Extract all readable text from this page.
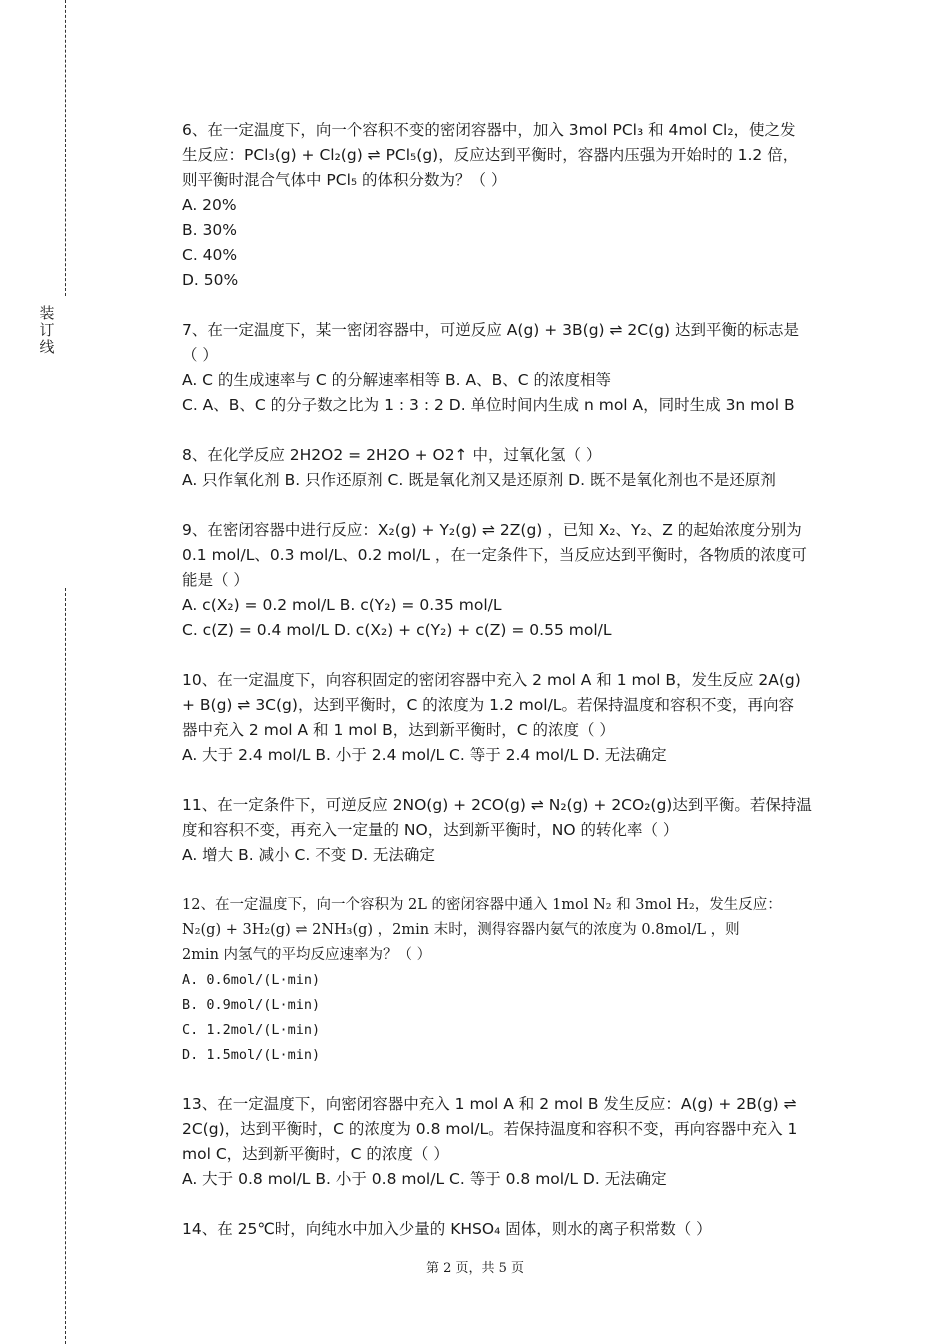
装
订
线
6、在一定温度下，向一个容积不变的密闭容器中，加入 3mol PCl₃ 和 4mol Cl₂，使之发
生反应：PCl₃(g) + Cl₂(g) ⇌ PCl₅(g)，反应达到平衡时，容器内压强为开始时的 1.2 倍，
则平衡时混合气体中 PCl₅ 的体积分数为？（ ）
A. 20%
B. 30%
C. 40%
D. 50%
7、在一定温度下，某一密闭容器中，可逆反应 A(g) + 3B(g) ⇌ 2C(g) 达到平衡的标志是
（ ）
A. C 的生成速率与 C 的分解速率相等 B. A、B、C 的浓度相等
C. A、B、C 的分子数之比为 1 : 3 : 2 D. 单位时间内生成 n mol A，同时生成 3n mol B
8、在化学反应 2H2O2 = 2H2O + O2↑ 中，过氧化氢（ ）
A. 只作氧化剂 B. 只作还原剂 C. 既是氧化剂又是还原剂 D. 既不是氧化剂也不是还原剂
9、在密闭容器中进行反应：X₂(g) + Y₂(g) ⇌ 2Z(g) ，已知 X₂、Y₂、Z 的起始浓度分别为
0.1 mol/L、0.3 mol/L、0.2 mol/L ，在一定条件下，当反应达到平衡时，各物质的浓度可
能是（ ）
A. c(X₂) = 0.2 mol/L B. c(Y₂) = 0.35 mol/L
C. c(Z) = 0.4 mol/L D. c(X₂) + c(Y₂) + c(Z) = 0.55 mol/L
10、在一定温度下，向容积固定的密闭容器中充入 2 mol A 和 1 mol B，发生反应 2A(g)
+ B(g) ⇌ 3C(g)，达到平衡时，C 的浓度为 1.2 mol/L。若保持温度和容积不变，再向容
器中充入 2 mol A 和 1 mol B，达到新平衡时，C 的浓度（ ）
A. 大于 2.4 mol/L B. 小于 2.4 mol/L C. 等于 2.4 mol/L D. 无法确定
11、在一定条件下，可逆反应 2NO(g) + 2CO(g) ⇌ N₂(g) + 2CO₂(g)达到平衡。若保持温
度和容积不变，再充入一定量的 NO，达到新平衡时，NO 的转化率（ ）
A. 增大 B. 减小 C. 不变 D. 无法确定
12、在一定温度下，向一个容积为 2L 的密闭容器中通入 1mol N₂ 和 3mol H₂，发生反应：
N₂(g) + 3H₂(g) ⇌ 2NH₃(g) ，2min 末时，测得容器内氨气的浓度为 0.8mol/L ，则
2min 内氢气的平均反应速率为？（ ）
A. 0.6mol/(L·min)
B. 0.9mol/(L·min)
C. 1.2mol/(L·min)
D. 1.5mol/(L·min)
13、在一定温度下，向密闭容器中充入 1 mol A 和 2 mol B 发生反应：A(g) + 2B(g) ⇌
2C(g)，达到平衡时，C 的浓度为 0.8 mol/L。若保持温度和容积不变，再向容器中充入 1
mol C，达到新平衡时，C 的浓度（ ）
A. 大于 0.8 mol/L B. 小于 0.8 mol/L C. 等于 0.8 mol/L D. 无法确定
14、在 25℃时，向纯水中加入少量的 KHSO₄ 固体，则水的离子积常数（ ）
第 2 页，共 5 页
